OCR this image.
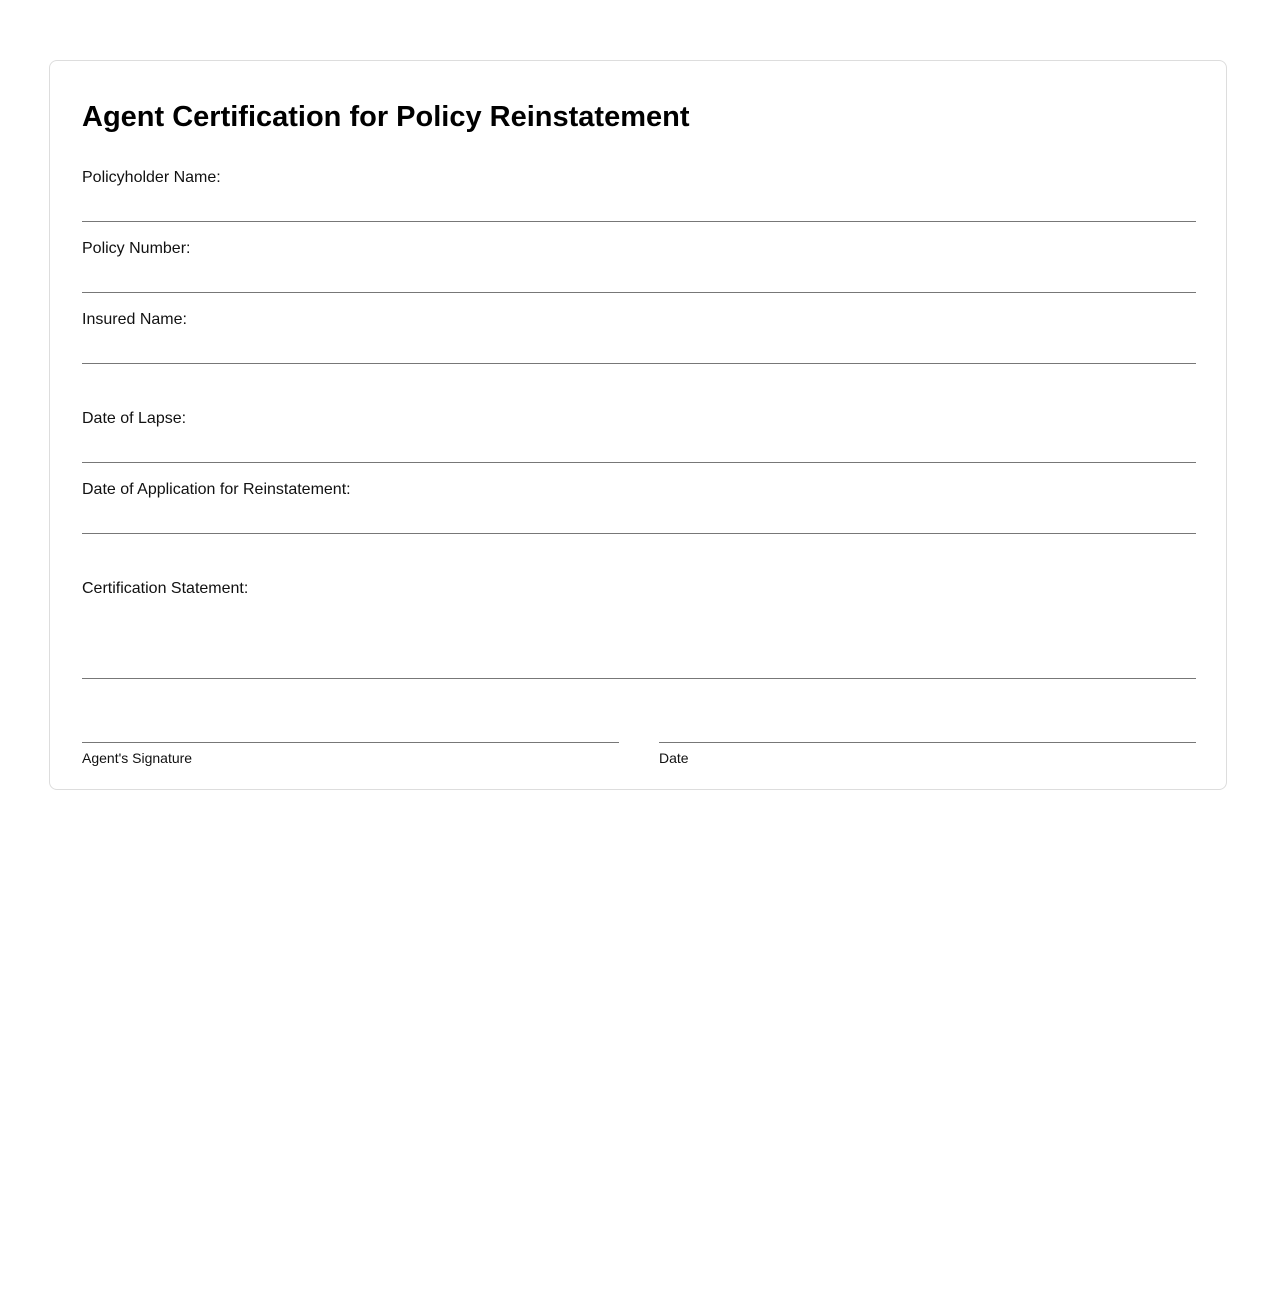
Agent Certification for Policy Reinstatement
Policyholder Name:
Policy Number:
Insured Name:
Date of Lapse:
Date of Application for Reinstatement:
Certification Statement:
Agent's Signature	Date
